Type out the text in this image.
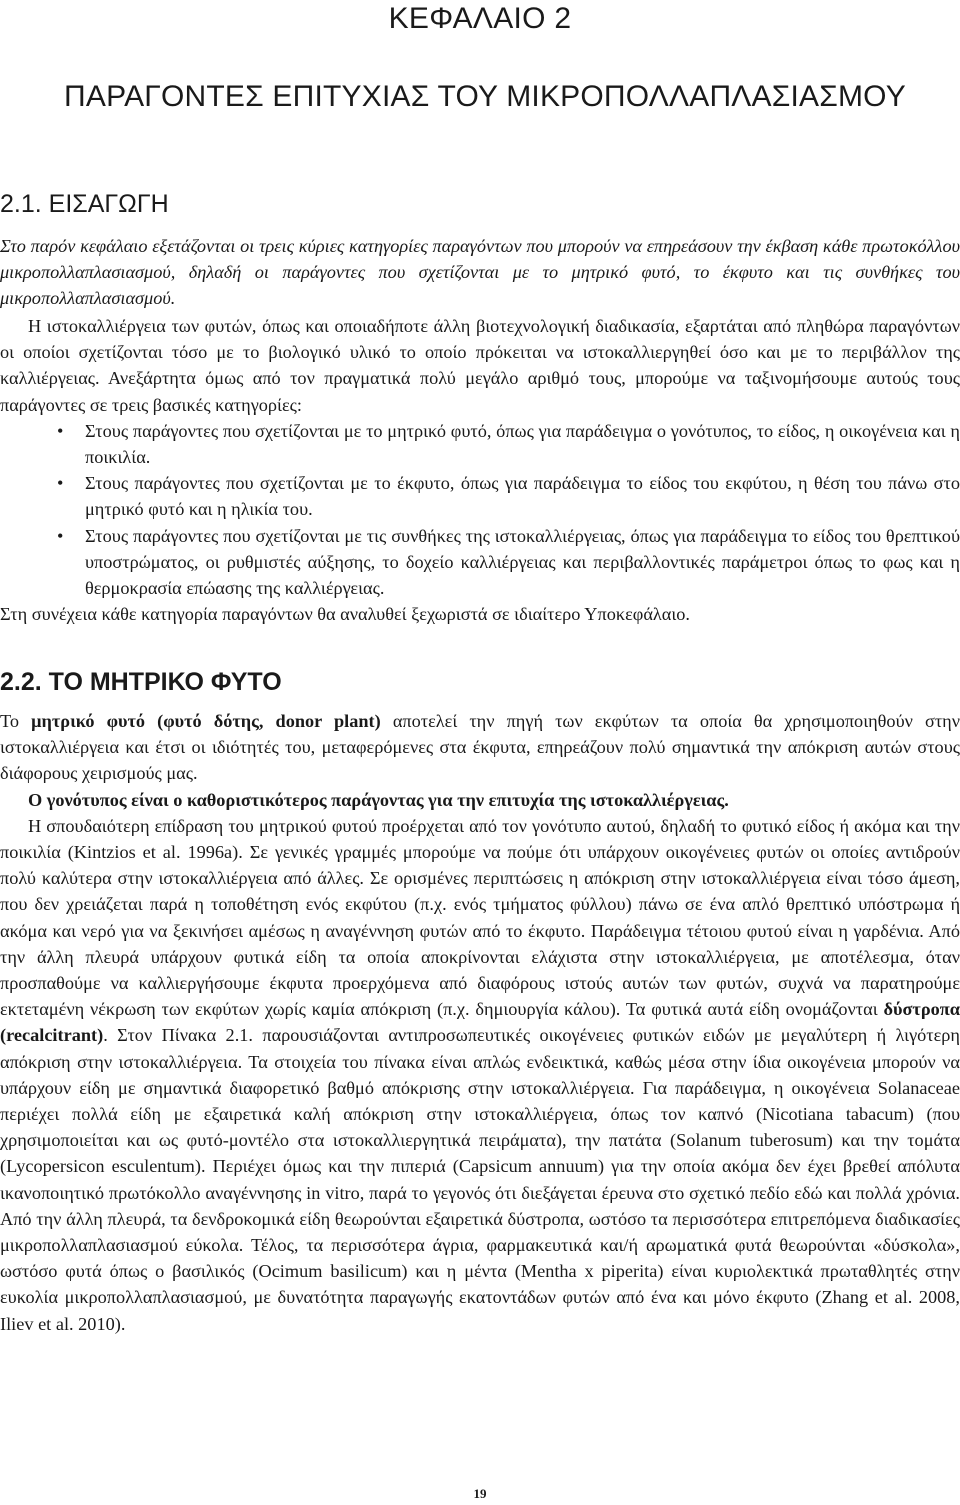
ΚΕΦΑΛΑΙΟ 2
ΠΑΡΑΓΟΝΤΕΣ ΕΠΙΤΥΧΙΑΣ ΤΟΥ ΜΙΚΡΟΠΟΛΛΑΠΛΑΣΙΑΣΜΟΥ
2.1. ΕΙΣΑΓΩΓΗ

Στο παρόν κεφάλαιο εξετάζονται οι τρεις κύριες κατηγορίες παραγόντων που μπορούν να επηρεάσουν την έκβαση κάθε πρωτοκόλλου μικροπολλαπλασιασμού, δηλαδή οι παράγοντες που σχετίζονται με το μητρικό φυτό, το έκφυτο και τις συνθήκες του μικροπολλαπλασιασμού.

Η ιστοκαλλιέργεια των φυτών, όπως και οποιαδήποτε άλλη βιοτεχνολογική διαδικασία, εξαρτάται από πληθώρα παραγόντων οι οποίοι σχετίζονται τόσο με το βιολογικό υλικό το οποίο πρόκειται να ιστοκαλλιεργηθεί όσο και με το περιβάλλον της καλλιέργειας. Ανεξάρτητα όμως από τον πραγματικά πολύ μεγάλο αριθμό τους, μπορούμε να ταξινομήσουμε αυτούς τους παράγοντες σε τρεις βασικές κατηγορίες:

• Στους παράγοντες που σχετίζονται με το μητρικό φυτό, όπως για παράδειγμα ο γονότυπος, το είδος, η οικογένεια και η ποικιλία.
• Στους παράγοντες που σχετίζονται με το έκφυτο, όπως για παράδειγμα το είδος του εκφύτου, η θέση του πάνω στο μητρικό φυτό και η ηλικία του.
• Στους παράγοντες που σχετίζονται με τις συνθήκες της ιστοκαλλιέργειας, όπως για παράδειγμα το είδος του θρεπτικού υποστρώματος, οι ρυθμιστές αύξησης, το δοχείο καλλιέργειας και περιβαλλοντικές παράμετροι όπως το φως και η θερμοκρασία επώασης της καλλιέργειας.

Στη συνέχεια κάθε κατηγορία παραγόντων θα αναλυθεί ξεχωριστά σε ιδιαίτερο Υποκεφάλαιο.

2.2. ΤΟ ΜΗΤΡΙΚΟ ΦΥΤΟ

Το μητρικό φυτό (φυτό δότης, donor plant) αποτελεί την πηγή των εκφύτων τα οποία θα χρησιμοποιηθούν στην ιστοκαλλιέργεια και έτσι οι ιδιότητές του, μεταφερόμενες στα έκφυτα, επηρεάζουν πολύ σημαντικά την απόκριση αυτών στους διάφορους χειρισμούς μας.

Ο γονότυπος είναι ο καθοριστικότερος παράγοντας για την επιτυχία της ιστοκαλλιέργειας.

Η σπουδαιότερη επίδραση του μητρικού φυτού προέρχεται από τον γονότυπο αυτού, δηλαδή το φυτικό είδος ή ακόμα και την ποικιλία (Kintzios et al. 1996a). Σε γενικές γραμμές μπορούμε να πούμε ότι υπάρχουν οικογένειες φυτών οι οποίες αντιδρούν πολύ καλύτερα στην ιστοκαλλιέργεια από άλλες. Σε ορισμένες περιπτώσεις η απόκριση στην ιστοκαλλιέργεια είναι τόσο άμεση, που δεν χρειάζεται παρά η τοποθέτηση ενός εκφύτου (π.χ. ενός τμήματος φύλλου) πάνω σε ένα απλό θρεπτικό υπόστρωμα ή ακόμα και νερό για να ξεκινήσει αμέσως η αναγέννηση φυτών από το έκφυτο. Παράδειγμα τέτοιου φυτού είναι η γαρδένια. Από την άλλη πλευρά υπάρχουν φυτικά είδη τα οποία αποκρίνονται ελάχιστα στην ιστοκαλλιέργεια, με αποτέλεσμα, όταν προσπαθούμε να καλλιεργήσουμε έκφυτα προερχόμενα από διαφόρους ιστούς αυτών των φυτών, συχνά να παρατηρούμε εκτεταμένη νέκρωση των εκφύτων χωρίς καμία απόκριση (π.χ. δημιουργία κάλου). Τα φυτικά αυτά είδη ονομάζονται δύστροπα (recalcitrant). Στον Πίνακα 2.1. παρουσιάζονται αντιπροσωπευτικές οικογένειες φυτικών ειδών με μεγαλύτερη ή λιγότερη απόκριση στην ιστοκαλλιέργεια. Τα στοιχεία του πίνακα είναι απλώς ενδεικτικά, καθώς μέσα στην ίδια οικογένεια μπορούν να υπάρχουν είδη με σημαντικά διαφορετικό βαθμό απόκρισης στην ιστοκαλλιέργεια. Για παράδειγμα, η οικογένεια Solanaceae περιέχει πολλά είδη με εξαιρετικά καλή απόκριση στην ιστοκαλλιέργεια, όπως τον καπνό (Nicotiana tabacum) (που χρησιμοποιείται και ως φυτό-μοντέλο στα ιστοκαλλιεργητικά πειράματα), την πατάτα (Solanum tuberosum) και την τομάτα (Lycopersicon esculentum). Περιέχει όμως και την πιπεριά (Capsicum annuum) για την οποία ακόμα δεν έχει βρεθεί απόλυτα ικανοποιητικό πρωτόκολλο αναγέννησης in vitro, παρά το γεγονός ότι διεξάγεται έρευνα στο σχετικό πεδίο εδώ και πολλά χρόνια. Από την άλλη πλευρά, τα δενδροκομικά είδη θεωρούνται εξαιρετικά δύστροπα, ωστόσο τα περισσότερα επιτρεπόμενα διαδικασίες μικροπολλαπλασιασμού εύκολα. Τέλος, τα περισσότερα άγρια, φαρμακευτικά και/ή αρωματικά φυτά θεωρούνται «δύσκολα», ωστόσο φυτά όπως ο βασιλικός (Ocimum basilicum) και η μέντα (Mentha x piperita) είναι κυριολεκτικά πρωταθλητές στην ευκολία μικροπολλαπλασιασμού, με δυνατότητα παραγωγής εκατοντάδων φυτών από ένα και μόνο έκφυτο (Zhang et al. 2008, Iliev et al. 2010).

19
